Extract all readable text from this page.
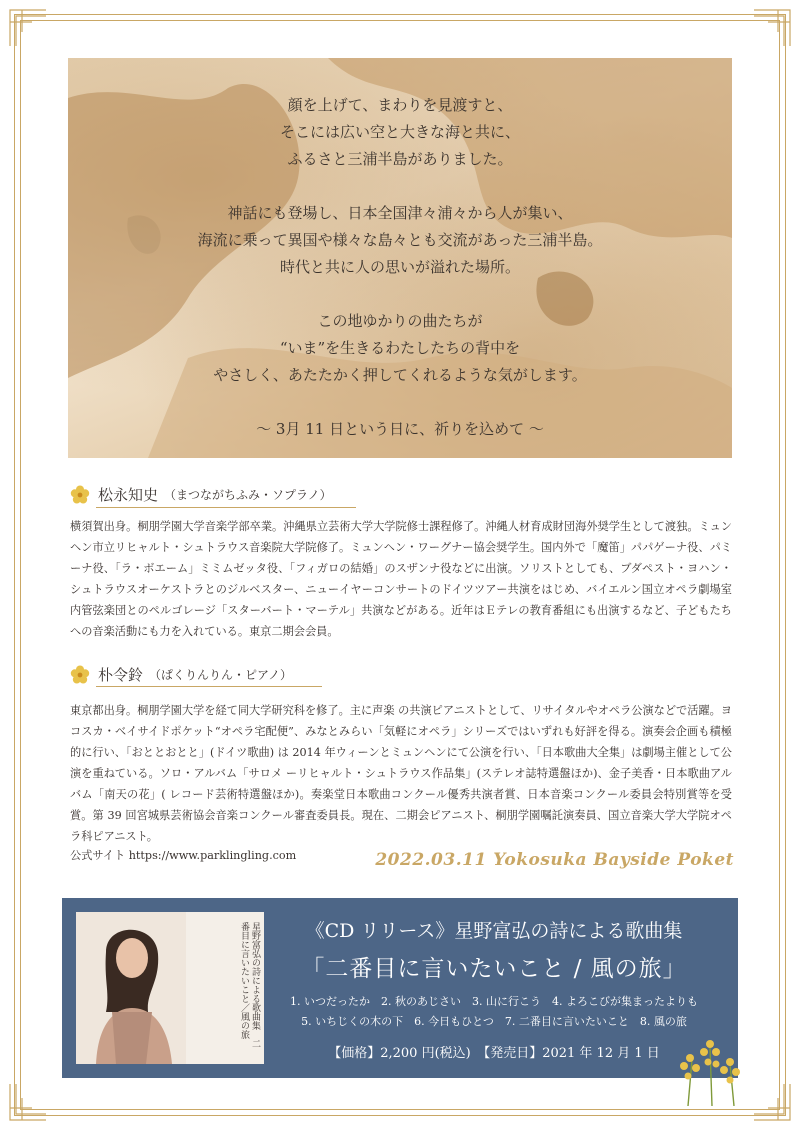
顔を上げて、まわりを見渡すと、
そこには広い空と大きな海と共に、
ふるさと三浦半島がありました。

神話にも登場し、日本全国津々浦々から人が集い、
海流に乗って異国や様々な島々とも交流があった三浦半島。
時代と共に人の思いが溢れた場所。

この地ゆかりの曲たちが
“いま”を生きるわたしたちの背中を
やさしく、あたたかく押してくれるような気がします。

〜 3月 11 日という日に、祈りを込めて 〜

松永知史 （まつながちふみ・ソプラノ）
横須賀出身。桐朋学園大学音楽学部卒業。沖縄県立芸術大学大学院修士課程修了。沖縄人材育成財団海外奨学生として渡独。ミュンヘン市立リヒャルト・シュトラウス音楽院大学院修了。ミュンヘン・ワーグナー協会奨学生。国内外で「魔笛」パパゲーナ役、パミーナ役、「ラ・ボエーム」ミミムゼッタ役、「フィガロの結婚」のスザンナ役などに出演。ソリストとしても、ブダペスト・ヨハン・シュトラウスオーケストラとのジルベスター、ニューイヤーコンサートのドイツツアー共演をはじめ、バイエルン国立オペラ劇場室内管弦楽団とのペルゴレージ「スターバート・マーテル」共演などがある。近年はＥテレの教育番組にも出演するなど、子どもたちへの音楽活動にも力を入れている。東京二期会会員。
朴令鈴 （ぱくりんりん・ピアノ）
東京都出身。桐朋学園大学を経て同大学研究科を修了。主に声楽 の共演ピアニストとして、リサイタルやオペラ公演などで活躍。ヨコスカ・ベイサイドポケット“オペラ宅配便”、みなとみらい「気軽にオペラ」シリーズではいずれも好評を得る。演奏会企画も積極的に行い、「おととおとと」(ドイツ歌曲) は 2014 年ウィーンとミュンヘンにて公演を行い、「日本歌曲大全集」は劇場主催として公演を重ねている。ソロ・アルバム「サロメ ーリヒャルト・シュトラウス作品集」(ステレオ誌特選盤ほか)、金子美香・日本歌曲アルバム「南天の花」( レコード芸術特選盤ほか)。奏楽堂日本歌曲コンクール優秀共演者賞、日本音楽コンクール委員会特別賞等を受賞。第 39 回宮城県芸術協会音楽コンクール審査委員長。現在、二期会ピアニスト、桐朋学園嘱託演奏員、国立音楽大学大学院オペラ科ピアニスト。
公式サイト https://www.parklingling.com	2022.03.11 Yokosuka Bayside Poket
星野富弘の詩による歌曲集　二番目に言いたいこと／風の旅	《CD リリース》星野富弘の詩による歌曲集
「二番目に言いたいこと / 風の旅」
1. いつだったか　2. 秋のあじさい　3. 山に行こう　4. よろこびが集まったよりも
5. いちじくの木の下　6. 今日もひとつ　7. 二番目に言いたいこと　8. 風の旅
【価格】2,200 円(税込)　【発売日】2021 年 12 月 1 日
